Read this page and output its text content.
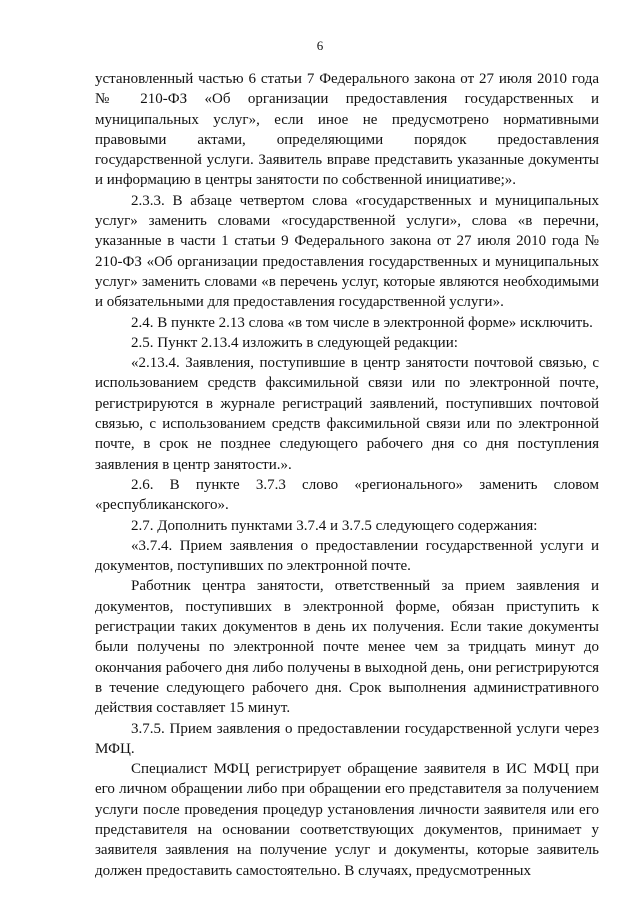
6

установленный частью 6 статьи 7 Федерального закона от 27 июля 2010 года № 210-ФЗ «Об организации предоставления государственных и муниципальных услуг», если иное не предусмотрено нормативными правовыми актами, определяющими порядок предоставления государственной услуги. Заявитель вправе представить указанные документы и информацию в центры занятости по собственной инициативе;».

2.3.3. В абзаце четвертом слова «государственных и муниципальных услуг» заменить словами «государственной услуги», слова «в перечни, указанные в части 1 статьи 9 Федерального закона от 27 июля 2010 года № 210-ФЗ «Об организации предоставления государственных и муниципальных услуг» заменить словами «в перечень услуг, которые являются необходимыми и обязательными для предоставления государственной услуги».

2.4. В пункте 2.13 слова «в том числе в электронной форме» исключить.

2.5. Пункт 2.13.4 изложить в следующей редакции:

«2.13.4. Заявления, поступившие в центр занятости почтовой связью, с использованием средств факсимильной связи или по электронной почте, регистрируются в журнале регистраций заявлений, поступивших почтовой связью, с использованием средств факсимильной связи или по электронной почте, в срок не позднее следующего рабочего дня со дня поступления заявления в центр занятости.».

2.6. В пункте 3.7.3 слово «регионального» заменить словом «республиканского».

2.7. Дополнить пунктами 3.7.4 и 3.7.5 следующего содержания:

«3.7.4. Прием заявления о предоставлении государственной услуги и документов, поступивших по электронной почте.

Работник центра занятости, ответственный за прием заявления и документов, поступивших в электронной форме, обязан приступить к регистрации таких документов в день их получения. Если такие документы были получены по электронной почте менее чем за тридцать минут до окончания рабочего дня либо получены в выходной день, они регистрируются в течение следующего рабочего дня. Срок выполнения административного действия составляет 15 минут.

3.7.5. Прием заявления о предоставлении государственной услуги через МФЦ.

Специалист МФЦ регистрирует обращение заявителя в ИС МФЦ при его личном обращении либо при обращении его представителя за получением услуги после проведения процедур установления личности заявителя или его представителя на основании соответствующих документов, принимает у заявителя заявления на получение услуг и документы, которые заявитель должен предоставить самостоятельно. В случаях, предусмотренных
